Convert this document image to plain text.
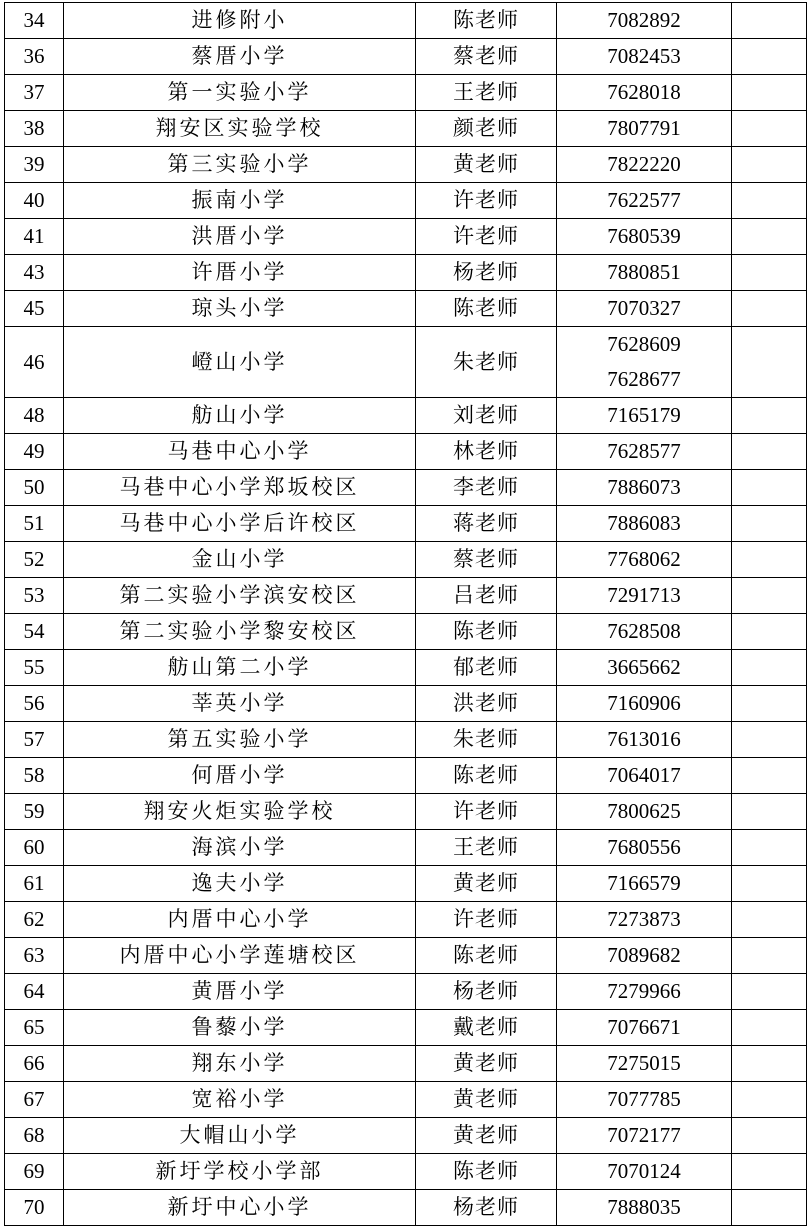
34	进修附小	陈老师	7082892	

36	蔡厝小学	蔡老师	7082453	

37	第一实验小学	王老师	7628018	

38	翔安区实验学校	颜老师	7807791	

39	第三实验小学	黄老师	7822220	

40	振南小学	许老师	7622577	

41	洪厝小学	许老师	7680539	

43	许厝小学	杨老师	7880851	

45	琼头小学	陈老师	7070327	

46	嶝山小学	朱老师	7628609
7628677	

48	舫山小学	刘老师	7165179	

49	马巷中心小学	林老师	7628577	

50	马巷中心小学郑坂校区	李老师	7886073	

51	马巷中心小学后许校区	蒋老师	7886083	

52	金山小学	蔡老师	7768062	

53	第二实验小学滨安校区	吕老师	7291713	

54	第二实验小学黎安校区	陈老师	7628508	

55	舫山第二小学	郁老师	3665662	

56	莘英小学	洪老师	7160906	

57	第五实验小学	朱老师	7613016	

58	何厝小学	陈老师	7064017	

59	翔安火炬实验学校	许老师	7800625	

60	海滨小学	王老师	7680556	

61	逸夫小学	黄老师	7166579	

62	内厝中心小学	许老师	7273873	

63	内厝中心小学莲塘校区	陈老师	7089682	

64	黄厝小学	杨老师	7279966	

65	鲁藜小学	戴老师	7076671	

66	翔东小学	黄老师	7275015	

67	宽裕小学	黄老师	7077785	

68	大帽山小学	黄老师	7072177	

69	新圩学校小学部	陈老师	7070124	

70	新圩中心小学	杨老师	7888035	
